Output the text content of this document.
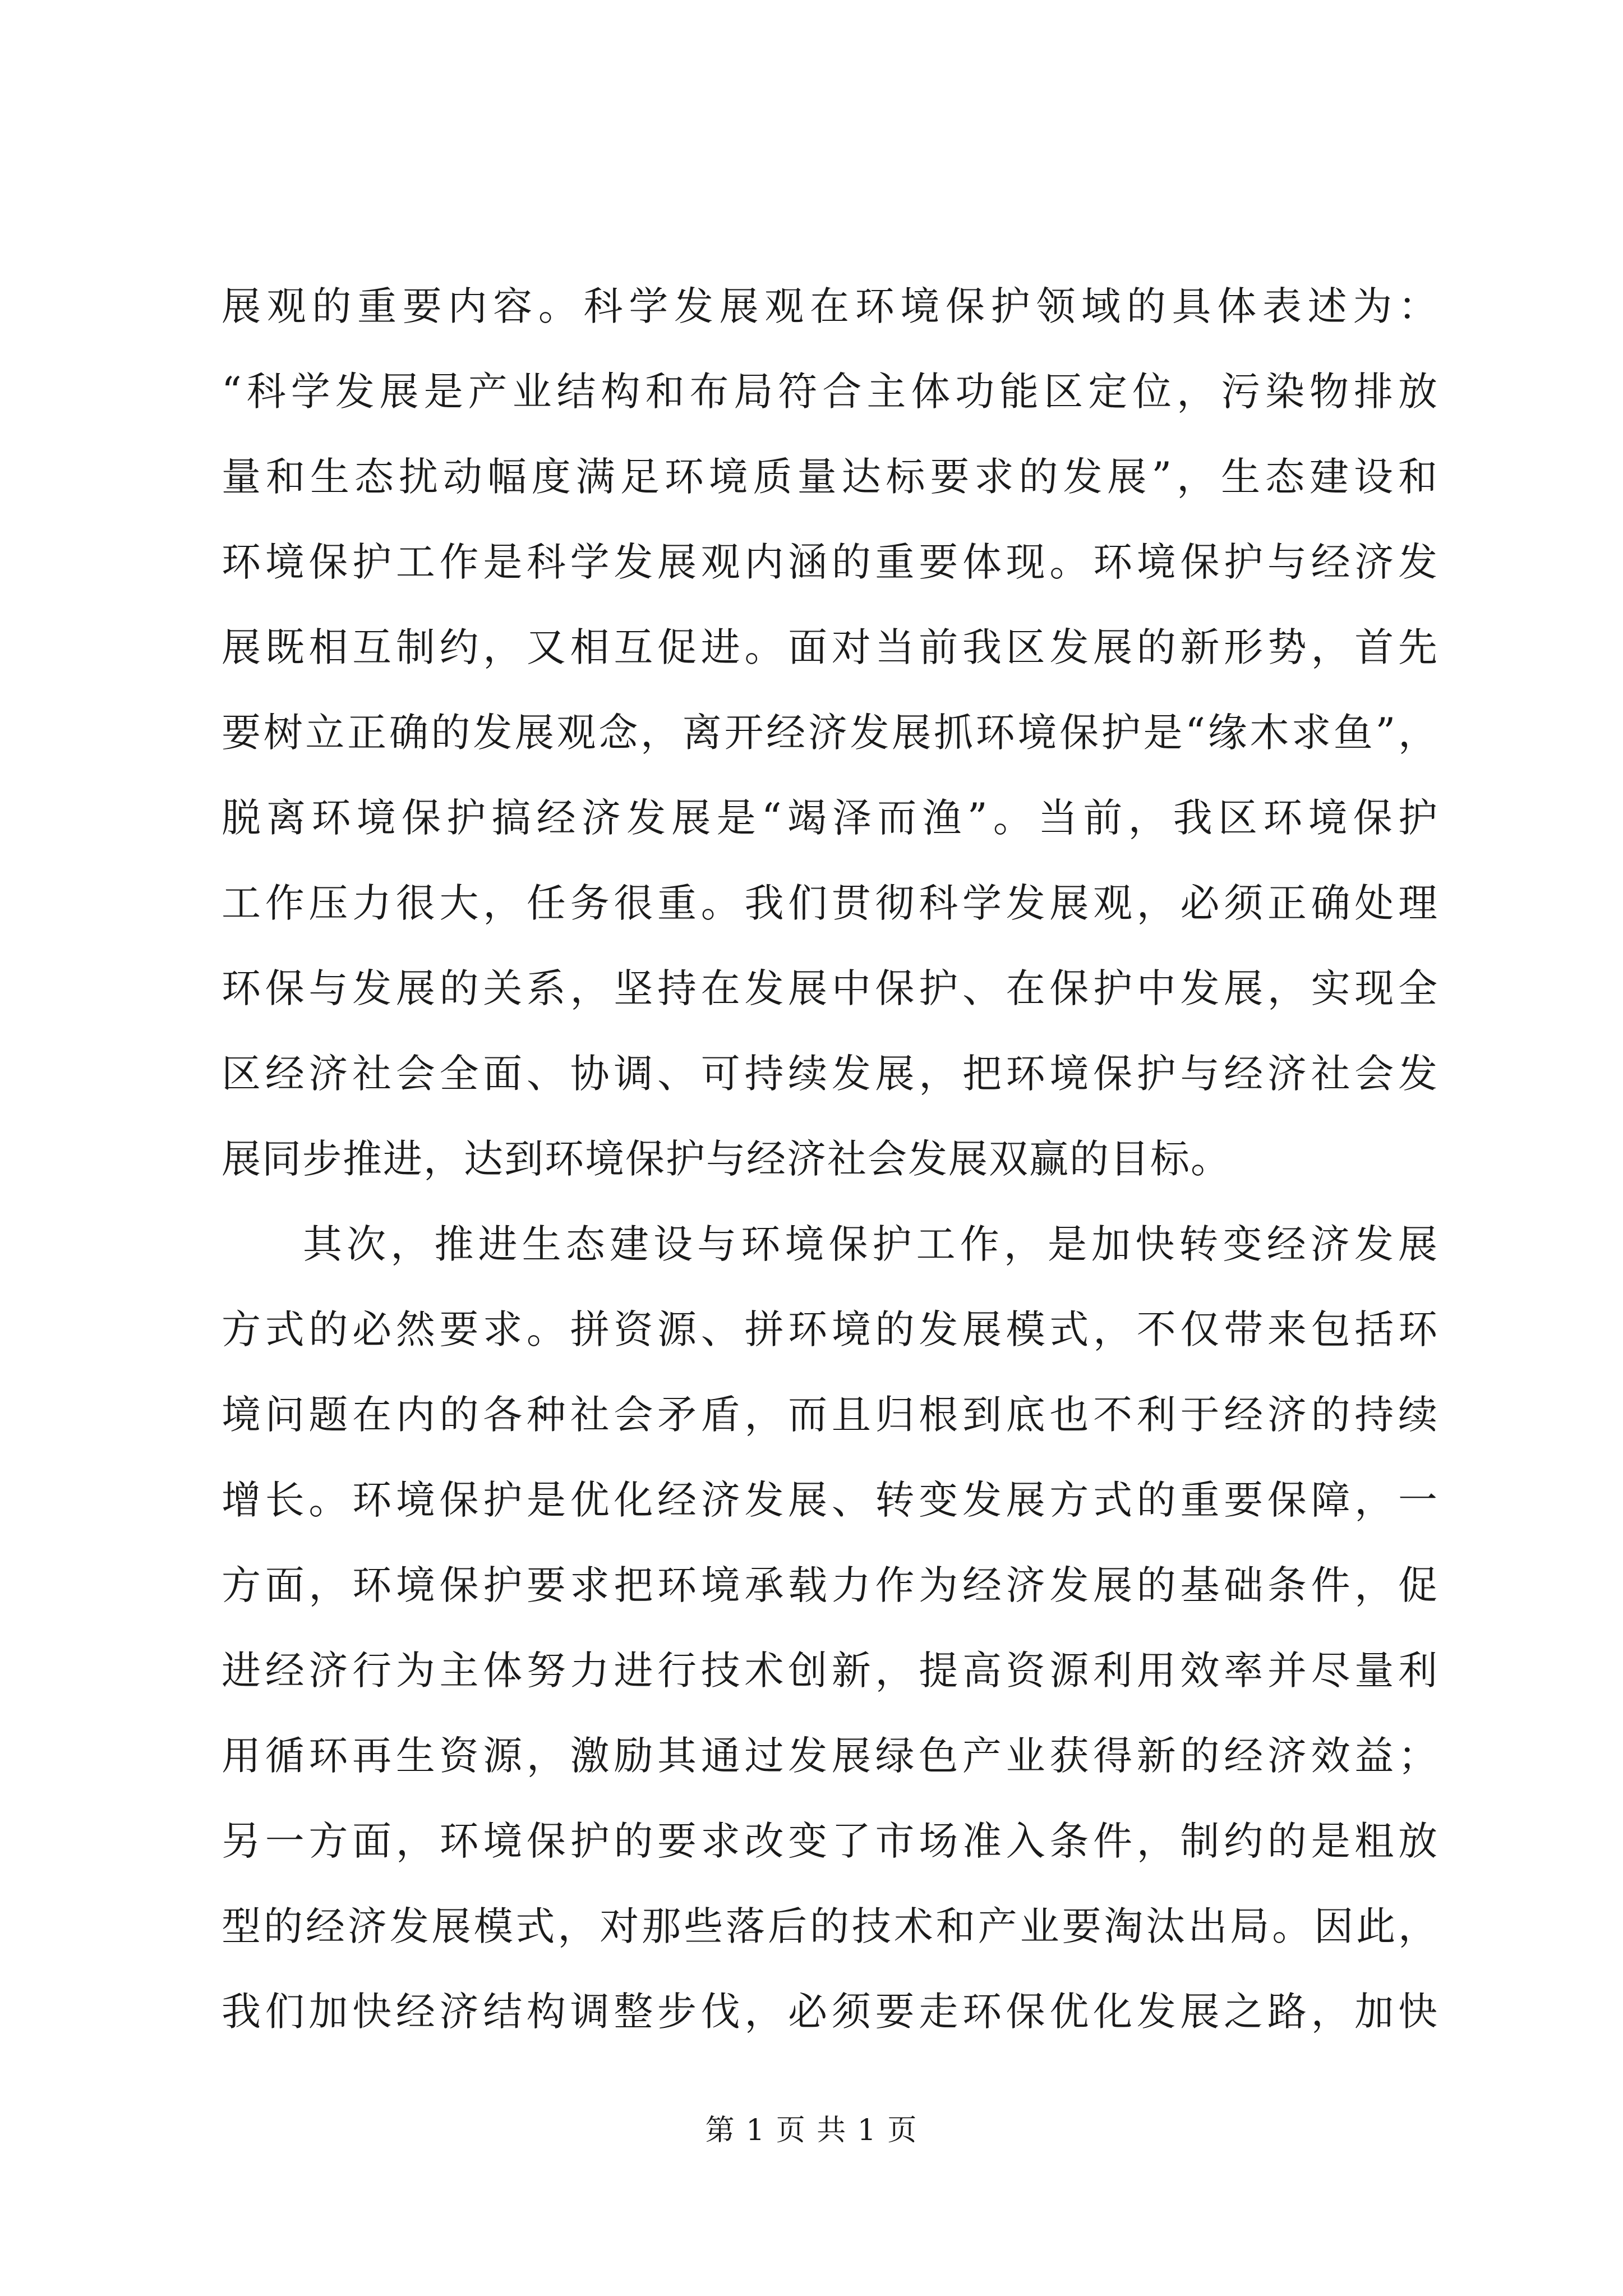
展观的重要内容。科学发展观在环境保护领域的具体表述为：
“科学发展是产业结构和布局符合主体功能区定位，污染物排放
量和生态扰动幅度满足环境质量达标要求的发展”，生态建设和
环境保护工作是科学发展观内涵的重要体现。环境保护与经济发
展既相互制约，又相互促进。面对当前我区发展的新形势，首先
要树立正确的发展观念，离开经济发展抓环境保护是“缘木求鱼”，
脱离环境保护搞经济发展是“竭泽而渔”。当前，我区环境保护
工作压力很大，任务很重。我们贯彻科学发展观，必须正确处理
环保与发展的关系，坚持在发展中保护、在保护中发展，实现全
区经济社会全面、协调、可持续发展，把环境保护与经济社会发
展同步推进，达到环境保护与经济社会发展双赢的目标。
其次，推进生态建设与环境保护工作，是加快转变经济发展
方式的必然要求。拼资源、拼环境的发展模式，不仅带来包括环
境问题在内的各种社会矛盾，而且归根到底也不利于经济的持续
增长。环境保护是优化经济发展、转变发展方式的重要保障，一
方面，环境保护要求把环境承载力作为经济发展的基础条件，促
进经济行为主体努力进行技术创新，提高资源利用效率并尽量利
用循环再生资源，激励其通过发展绿色产业获得新的经济效益；
另一方面，环境保护的要求改变了市场准入条件，制约的是粗放
型的经济发展模式，对那些落后的技术和产业要淘汰出局。因此，
我们加快经济结构调整步伐，必须要走环保优化发展之路，加快
第 1 页 共 1 页
